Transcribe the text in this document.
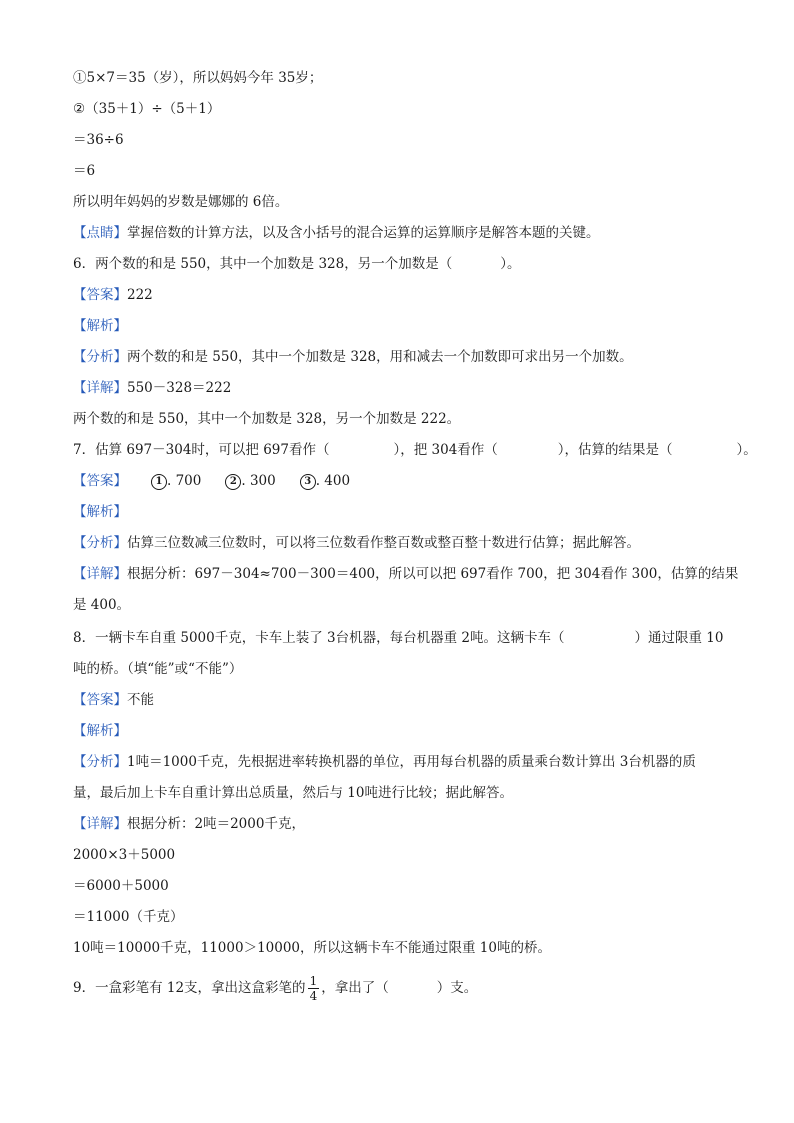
①5×7＝35（岁），所以妈妈今年 35岁；
②（35＋1）÷（5＋1）
＝36÷6
＝6
所以明年妈妈的岁数是娜娜的 6倍。
【点睛】掌握倍数的计算方法，以及含小括号的混合运算的运算顺序是解答本题的关键。
6．两个数的和是 550，其中一个加数是 328，另一个加数是（	）。
【答案】222
【解析】
【分析】两个数的和是 550，其中一个加数是 328，用和减去一个加数即可求出另一个加数。
【详解】550－328＝222
两个数的和是 550，其中一个加数是 328，另一个加数是 222。
7．估算 697－304时，可以把 697看作（	），把 304看作（	），估算的结果是（	）。
【答案】	1 . 700	2 . 300	3 . 400
【解析】
【分析】估算三位数减三位数时，可以将三位数看作整百数或整百整十数进行估算；据此解答。
【详解】根据分析：697－304≈700－300＝400，所以可以把 697看作 700，把 304看作 300，估算的结果
是 400。
8．一辆卡车自重 5000千克，卡车上装了 3台机器，每台机器重 2吨。这辆卡车（	）通过限重 10
吨的桥。（填“能”或“不能”）
【答案】不能
【解析】
【分析】1吨＝1000千克，先根据进率转换机器的单位，再用每台机器的质量乘台数计算出 3台机器的质
量，最后加上卡车自重计算出总质量，然后与 10吨进行比较；据此解答。
【详解】根据分析：2吨＝2000千克，
2000×3＋5000
＝6000＋5000
＝11000（千克）
10吨＝10000千克，11000＞10000，所以这辆卡车不能通过限重 10吨的桥。
9．一盒彩笔有 12支，拿出这盒彩笔的 $\frac{1}{4}$ ，拿出了（	）支。
